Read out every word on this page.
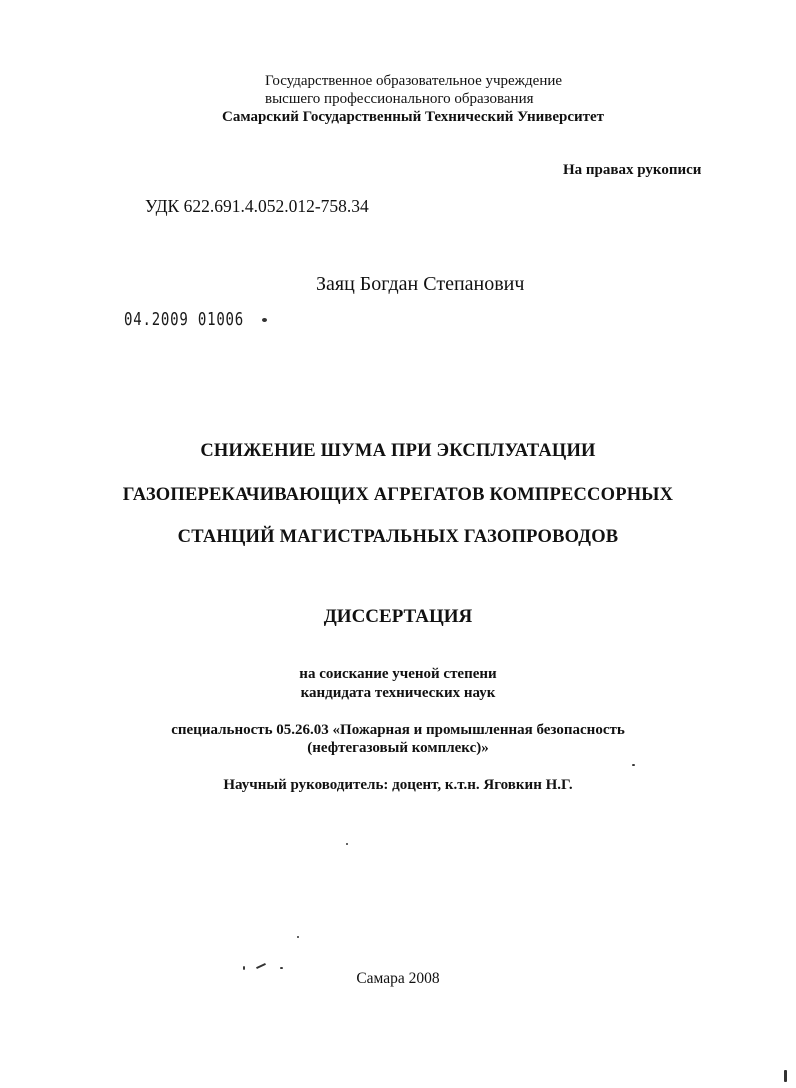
Государственное образовательное учреждение
высшего профессионального образования
Самарский Государственный Технический Университет
На правах рукописи
УДК 622.691.4.052.012-758.34
Заяц Богдан Степанович
04.2009 01006
СНИЖЕНИЕ ШУМА ПРИ ЭКСПЛУАТАЦИИ
ГАЗОПЕРЕКАЧИВАЮЩИХ АГРЕГАТОВ КОМПРЕССОРНЫХ
СТАНЦИЙ МАГИСТРАЛЬНЫХ ГАЗОПРОВОДОВ
ДИССЕРТАЦИЯ
на соискание ученой степени
кандидата технических наук
специальность 05.26.03 «Пожарная и промышленная безопасность
(нефтегазовый комплекс)»
Научный руководитель: доцент, к.т.н. Яговкин Н.Г.
Самара 2008
